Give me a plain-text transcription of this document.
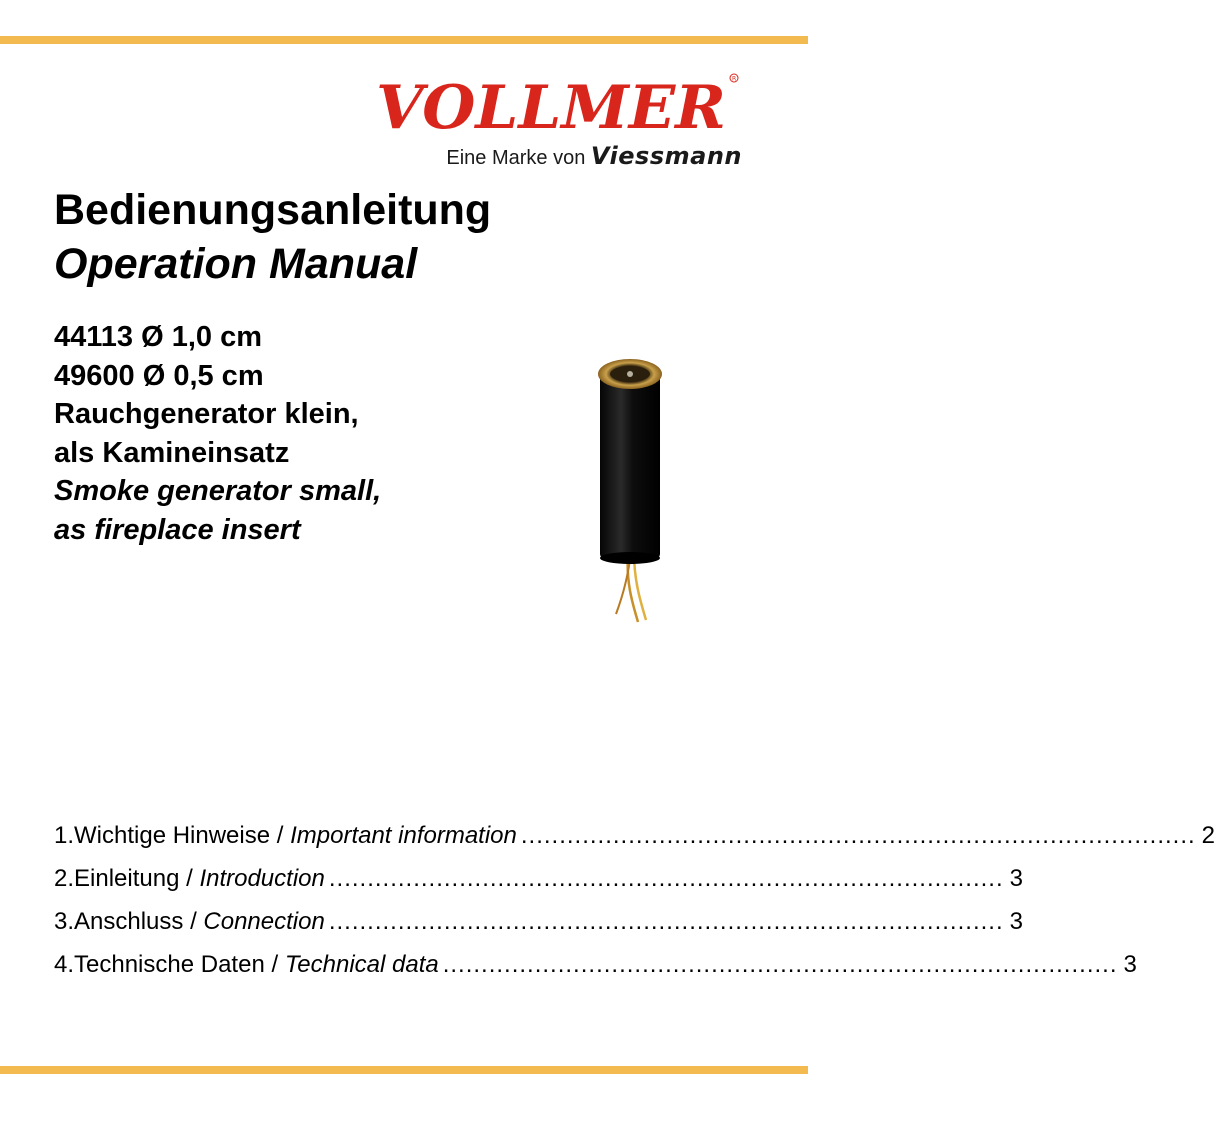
VOLLMER R
Eine Marke von Viessmann
Bedienungsanleitung
Operation Manual
44113 Ø 1,0 cm
49600 Ø 0,5 cm
Rauchgenerator klein,
als Kamineinsatz
Smoke generator small,
as fireplace insert
1. Wichtige Hinweise / Important information ........................................................................................ 2
2. Einleitung / Introduction ........................................................................................ 3
3. Anschluss / Connection ........................................................................................ 3
4. Technische Daten / Technical data ........................................................................................ 3
